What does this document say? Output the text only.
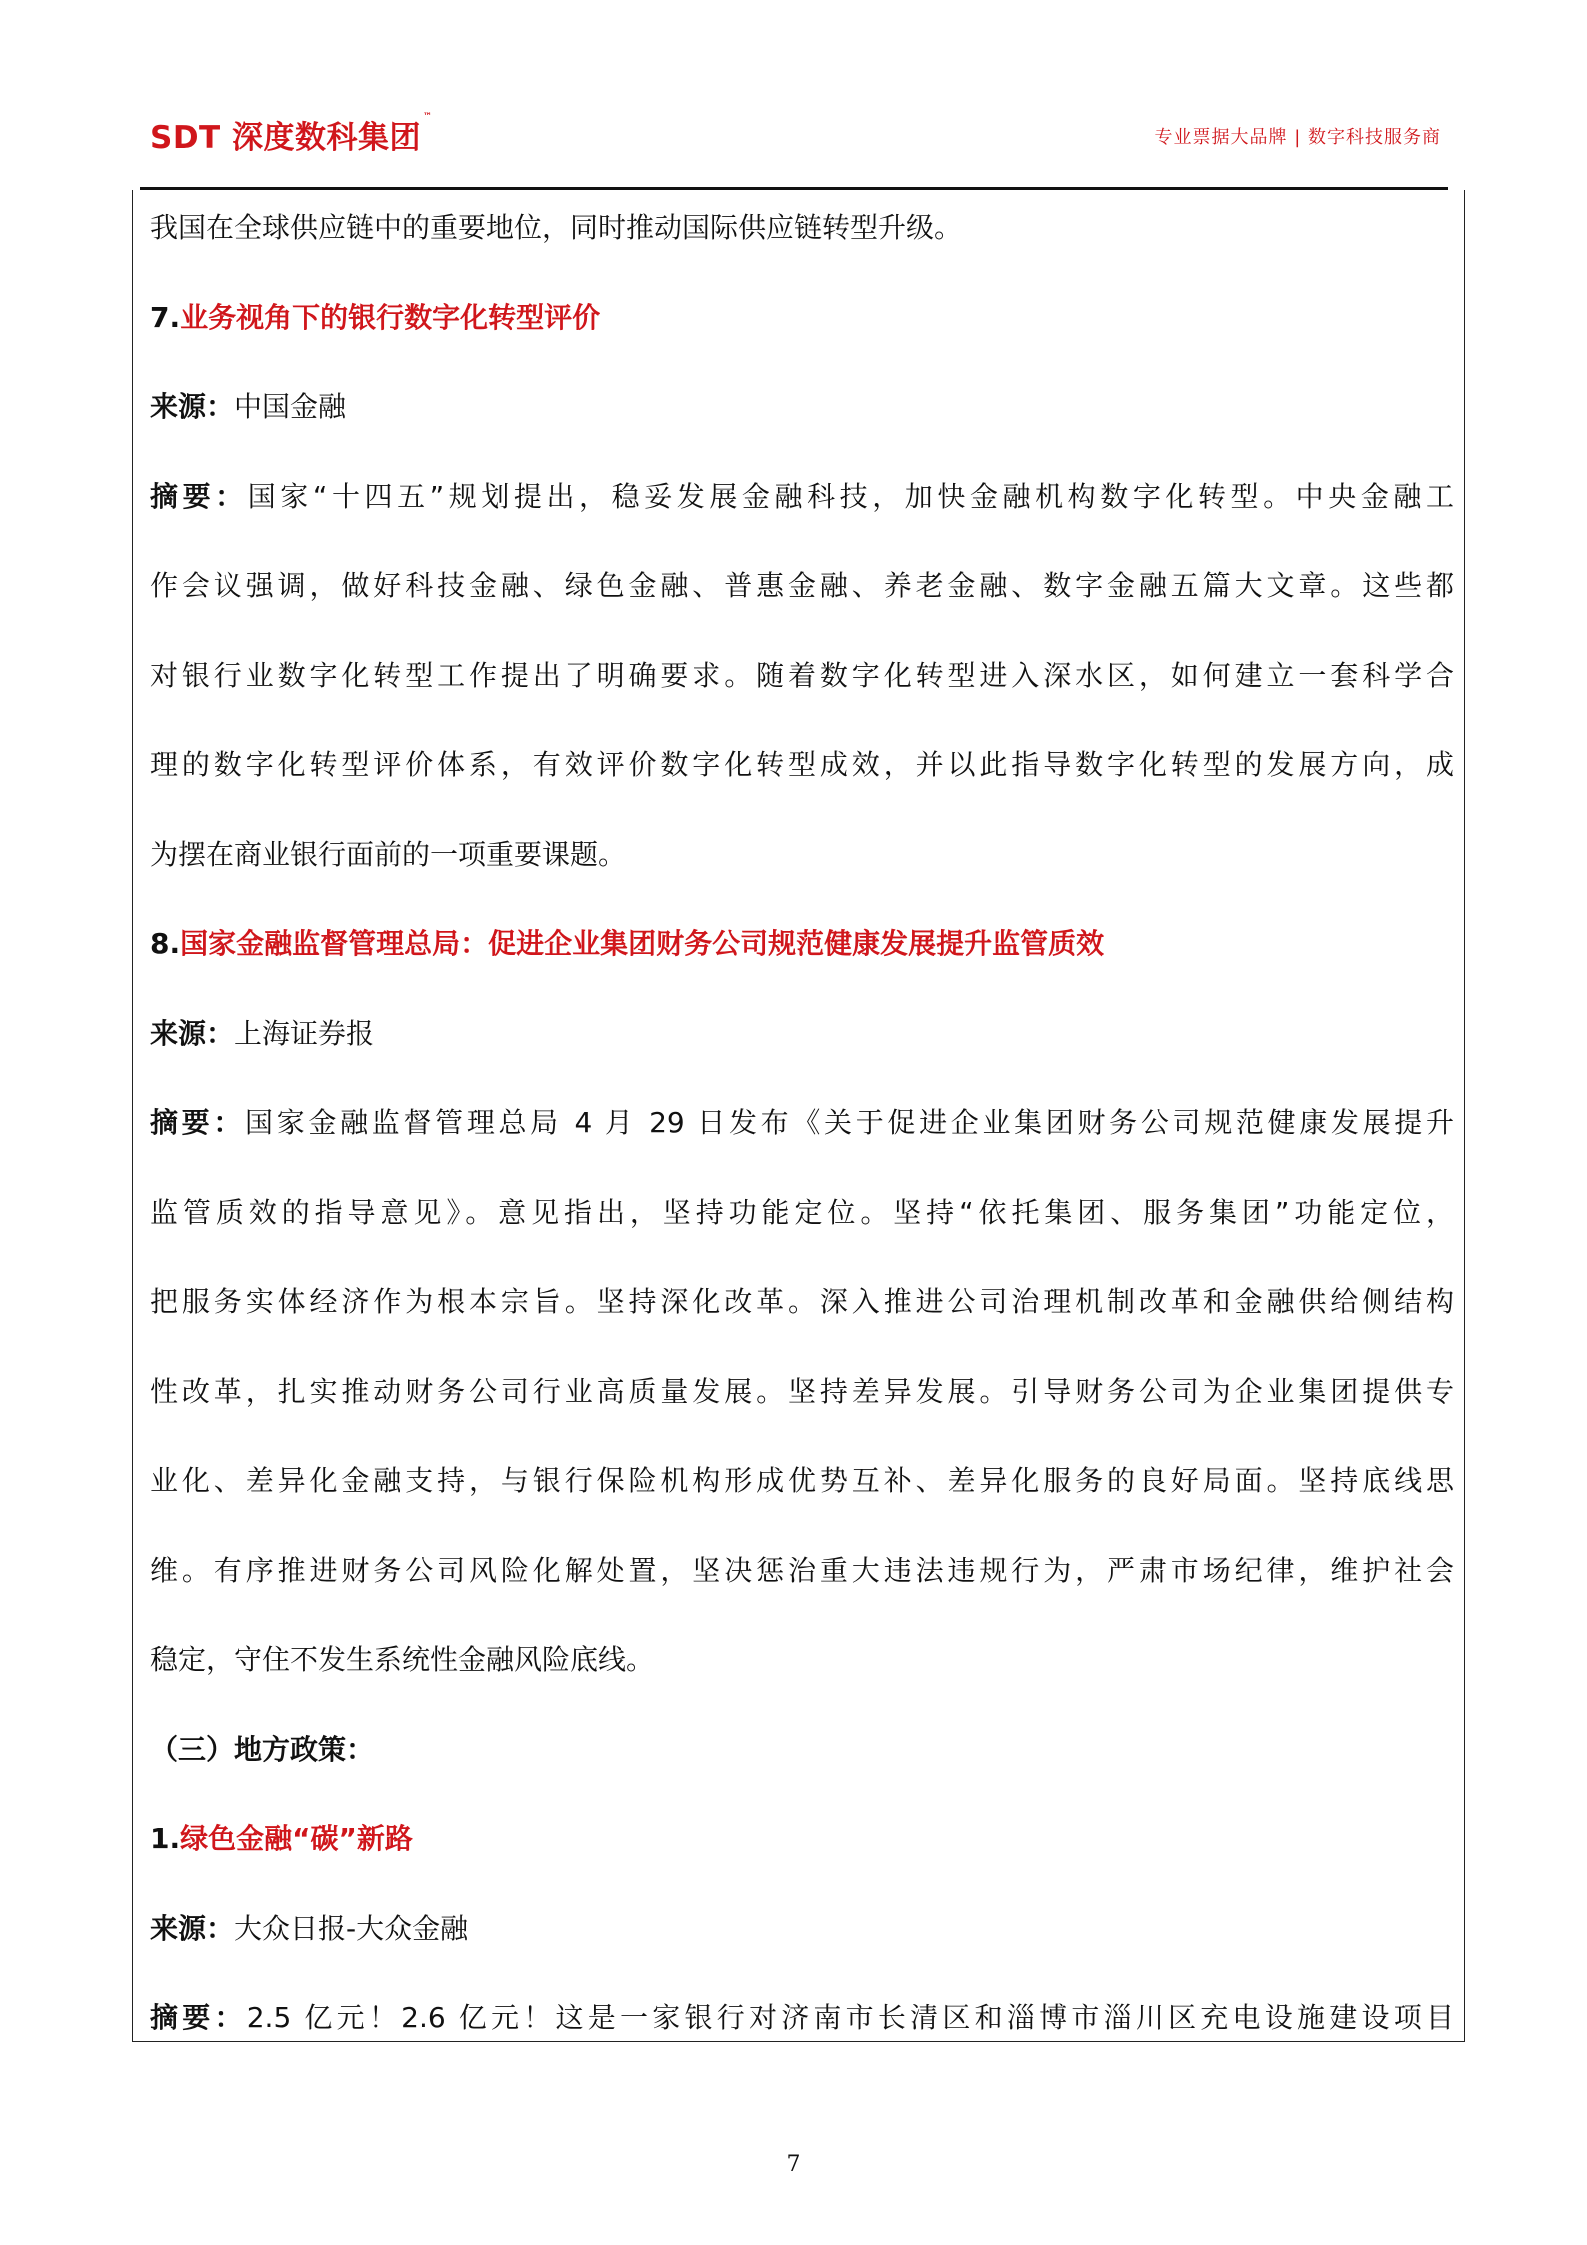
SDT 深度数科集团™
专业票据大品牌 | 数字科技服务商
我国在全球供应链中的重要地位，同时推动国际供应链转型升级。
7.业务视角下的银行数字化转型评价
来源：中国金融
摘要：国家“十四五”规划提出，稳妥发展金融科技，加快金融机构数字化转型。中央金融工
作会议强调，做好科技金融、绿色金融、普惠金融、养老金融、数字金融五篇大文章。这些都
对银行业数字化转型工作提出了明确要求。随着数字化转型进入深水区，如何建立一套科学合
理的数字化转型评价体系，有效评价数字化转型成效，并以此指导数字化转型的发展方向，成
为摆在商业银行面前的一项重要课题。
8.国家金融监督管理总局：促进企业集团财务公司规范健康发展提升监管质效
来源：上海证券报
摘要：国家金融监督管理总局 4 月 29 日发布《关于促进企业集团财务公司规范健康发展提升
监管质效的指导意见》。意见指出，坚持功能定位。坚持“依托集团、服务集团”功能定位，
把服务实体经济作为根本宗旨。坚持深化改革。深入推进公司治理机制改革和金融供给侧结构
性改革，扎实推动财务公司行业高质量发展。坚持差异发展。引导财务公司为企业集团提供专
业化、差异化金融支持，与银行保险机构形成优势互补、差异化服务的良好局面。坚持底线思
维。有序推进财务公司风险化解处置，坚决惩治重大违法违规行为，严肃市场纪律，维护社会
稳定，守住不发生系统性金融风险底线。
（三）地方政策：
1.绿色金融“碳”新路
来源：大众日报-大众金融
摘要：2.5 亿元！2.6 亿元！这是一家银行对济南市长清区和淄博市淄川区充电设施建设项目
7
